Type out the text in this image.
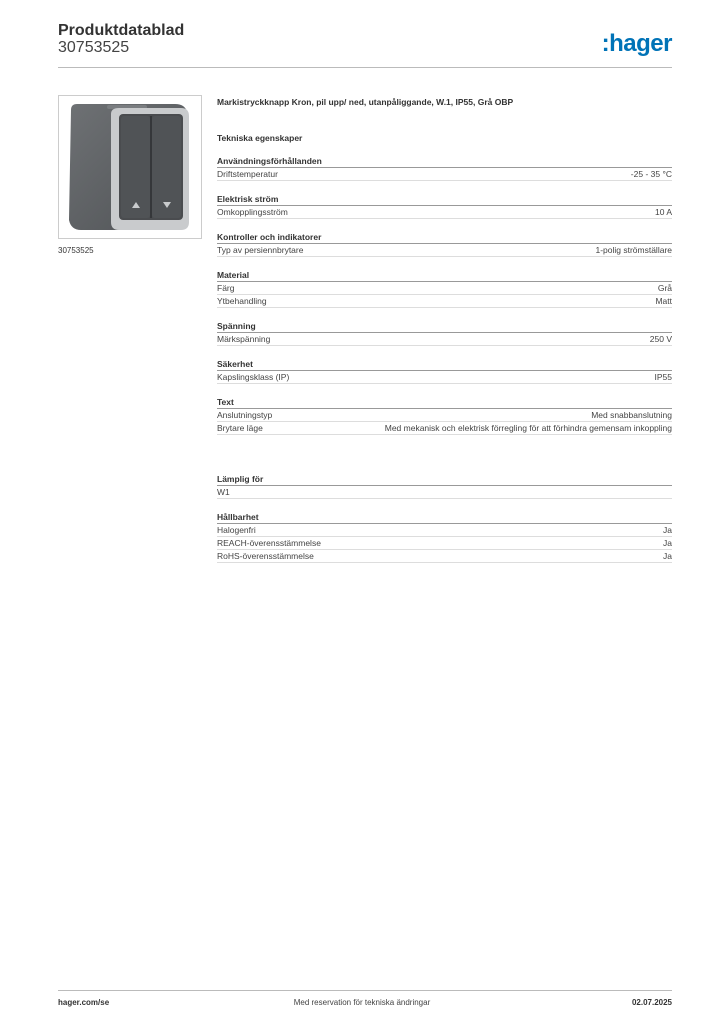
Produktdatablad
30753525	:hager
30753525
Markistryckknapp Kron, pil upp/ ned, utanpåliggande, W.1, IP55, Grå OBP
Tekniska egenskaper
Användningsförhållanden
Driftstemperatur	-25 - 35 °C
Elektrisk ström
Omkopplingsström	10 A
Kontroller och indikatorer
Typ av persiennbrytare	1-polig strömställare
Material
Färg	Grå
Ytbehandling	Matt
Spänning
Märkspänning	250 V
Säkerhet
Kapslingsklass (IP)	IP55
Text
Anslutningstyp	Med snabbanslutning
Brytare läge	Med mekanisk och elektrisk förregling för att förhindra gemensam inkoppling
Lämplig för
W1
Hållbarhet
Halogenfri	Ja
REACH-överensstämmelse	Ja
RoHS-överensstämmelse	Ja
hager.com/se	Med reservation för tekniska ändringar	02.07.2025
